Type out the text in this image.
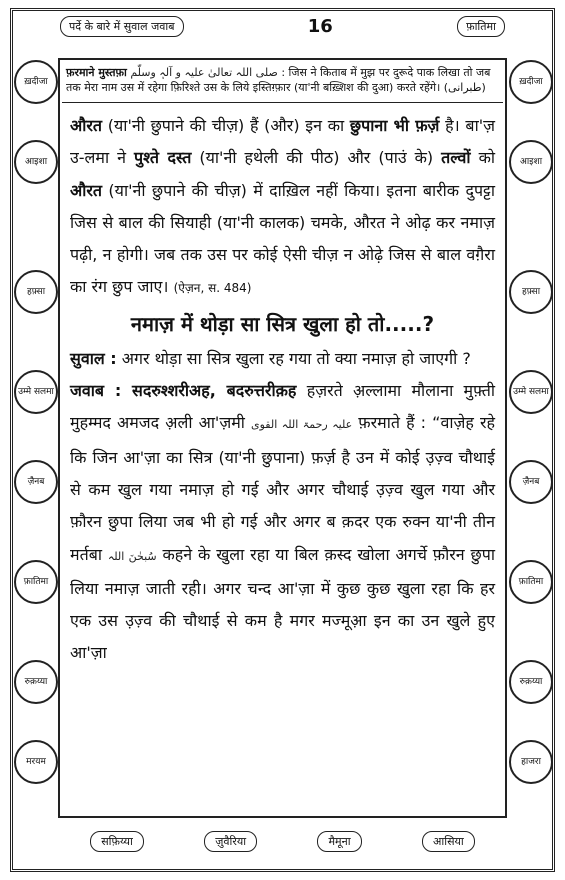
ख़दीजा
आइशा
हफ़्सा
उम्मे सलमा
ज़ैनब
फ़ातिमा
रुक़य्या
मरयम
ख़दीजा
आइशा
हफ़्सा
उम्मे सलमा
ज़ैनब
फ़ातिमा
रुक़य्या
हाजरा
पर्दे के बारे में सुवाल जवाब	16	फ़ातिमा
फ़रमाने मुस्तफ़ा صلی اللہ تعالیٰ علیہ و آلہٖ وسلّم : जिस ने किताब में मुझ पर दुरूदे पाक लिखा तो जब तक मेरा नाम उस में रहेगा फ़िरिश्ते उस के लिये इस्तिग़्फ़ार (या'नी बख़्शिश की दुआ) करते रहेंगे। (طبرانی)

औरत (या'नी छुपाने की चीज़) हैं (और) इन का छुपाना भी फ़र्ज़ है। बा'ज़ उ-लमा ने पुश्ते दस्त (या'नी हथेली की पीठ) और (पाउं के) तल्वों को औरत (या'नी छुपाने की चीज़) में दाख़िल नहीं किया। इतना बारीक दुपट्टा जिस से बाल की सियाही (या'नी कालक) चमके, औरत ने ओढ़ कर नमाज़ पढ़ी, न होगी। जब तक उस पर कोई ऐसी चीज़ न ओढ़े जिस से बाल वग़ैरा का रंग छुप जाए। (ऐज़न, स. 484)

नमाज़ में थोड़ा सा सित्र खुला हो तो.....?

सुवाल : अगर थोड़ा सा सित्र खुला रह गया तो क्या नमाज़ हो जाएगी ?

जवाब : सदरुश्शरीअह, बदरुत्तरीक़ह हज़रते अ़ल्लामा मौलाना मुफ़्ती मुहम्मद अमजद अ़ली आ'ज़मी علیہ رحمۃ اللہ القوی फ़रमाते हैं : “वाज़ेह रहे कि जिन आ'ज़ा का सित्र (या'नी छुपाना) फ़र्ज़ है उन में कोई उ़ज़्व चौथाई से कम खुल गया नमाज़ हो गई और अगर चौथाई उ़ज़्व खुल गया और फ़ौरन छुपा लिया जब भी हो गई और अगर ब क़दर एक रुक्न या'नी तीन मर्तबा سُبحٰنَ اللہ कहने के खुला रहा या बिल क़स्द खोला अगर्चे फ़ौरन छुपा लिया नमाज़ जाती रही। अगर चन्द आ'ज़ा में कुछ कुछ खुला रहा कि हर एक उस उ़ज़्व की चौथाई से कम है मगर मज्मूआ़ इन का उन खुले हुए आ'ज़ा

सफ़िय्या	ज़ुवैरिया	मैमूना	आसिया
